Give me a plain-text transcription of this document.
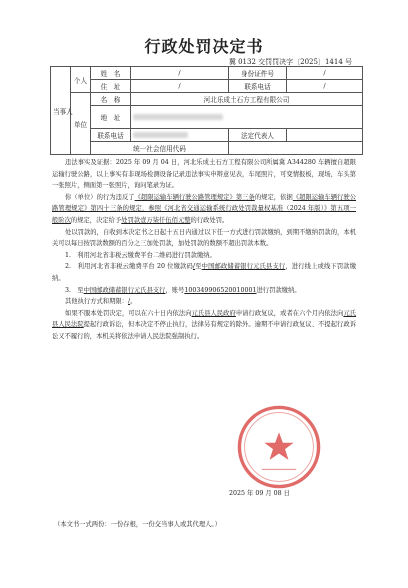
行政处罚决定书
冀 0132 交罚罚决字〔2025〕1414 号
当事人	个人	姓　名	/	身份证件号	/
		住　址	/	联系电话	/
	单位	名　称	河北乐成土石方工程有限公司		
		地　址			
		联系电话		法定代表人	
		统一社会信用代码			

违法事实及证据：2025 年 09 月 04 日，河北乐成土石方工程有限公司所属冀 A344280 车辆擅自超限运输行驶公路，以上事实有非现场检测设备记录违法事实申辩意见表，车尾照片，可变情报板，现场，车头第一张照片，侧面第一张照片，询问笔录为证。

你（单位）的行为违反了《超限运输车辆行驶公路管理规定》第三条的规定，依据《超限运输车辆行驶公路管理规定》第四十三条的规定，参照《河北省交通运输系统行政处罚裁量权基准（2024 年版）》第五项一般阶次的规定，决定给予处罚款壹万柒仟伍佰元整的行政处罚。

处以罚款的，自收到本决定书之日起十五日内通过以下任一方式进行罚款缴纳，到期不缴纳罚款的，本机关可以每日按罚款数额的百分之三加处罚款，加处罚款的数额不超出罚款本数。

1.　利用河北省非税云缴费平台二维码进行罚款缴纳。

2.　利用河北省非税云缴费平台 20 位缴款码/至中国邮政储蓄银行元氏县支行，进行线上或线下罚款缴纳。

3.　至中国邮政储蓄银行元氏县支行，账号100349906520010001进行罚款缴纳。

其他执行方式和期限：/。

如果不服本处罚决定，可以在六十日内依法向元氏县人民政府申请行政复议，或者在六个月内依法向元氏县人民法院提起行政诉讼，但本决定不停止执行，法律另有规定的除外。逾期不申请行政复议、不提起行政诉讼又不履行的，本机关将依法申请人民法院强制执行。

2025 年 09 月 08 日
（本文书一式两份：一份存根，一份交当事人或其代理人。）
